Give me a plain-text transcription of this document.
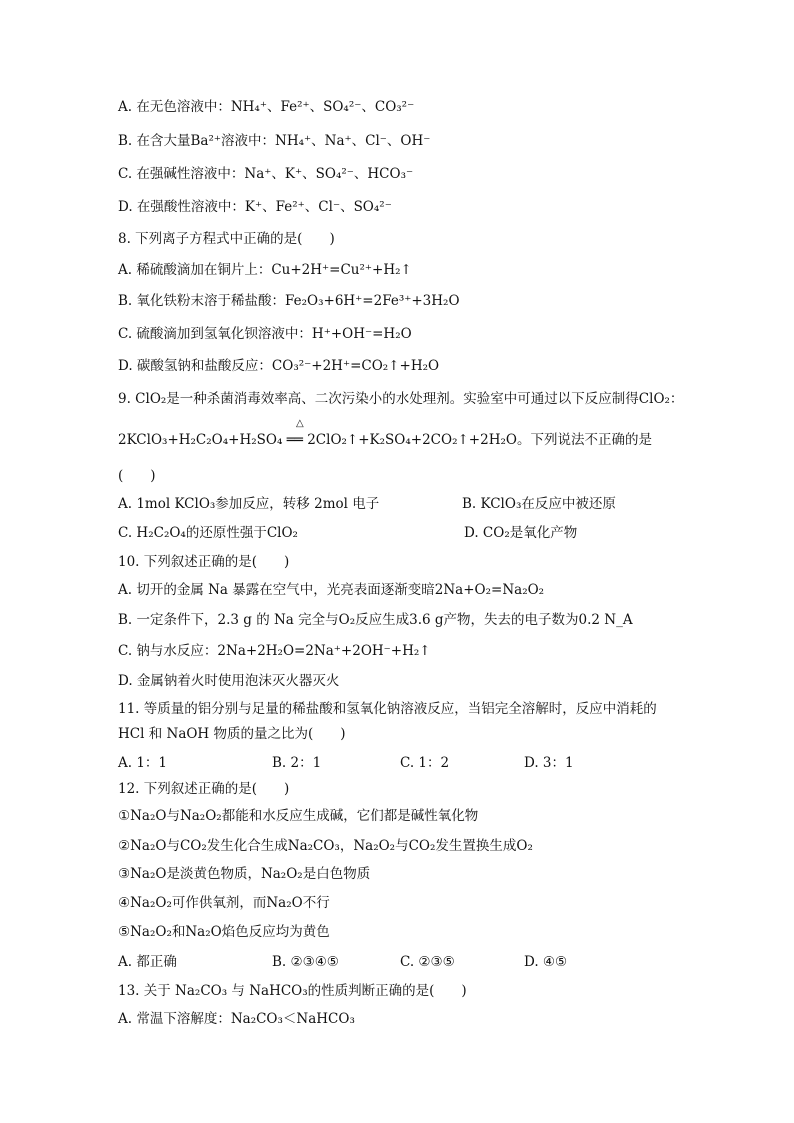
A. 在无色溶液中：NH₄⁺、Fe²⁺、SO₄²⁻、CO₃²⁻
B. 在含大量Ba²⁺溶液中：NH₄⁺、Na⁺、Cl⁻、OH⁻
C. 在强碱性溶液中：Na⁺、K⁺、SO₄²⁻、HCO₃⁻
D. 在强酸性溶液中：K⁺、Fe²⁺、Cl⁻、SO₄²⁻
8. 下列离子方程式中正确的是(　　)
A. 稀硫酸滴加在铜片上：Cu+2H⁺=Cu²⁺+H₂↑
B. 氧化铁粉末溶于稀盐酸：Fe₂O₃+6H⁺=2Fe³⁺+3H₂O
C. 硫酸滴加到氢氧化钡溶液中：H⁺+OH⁻=H₂O
D. 碳酸氢钠和盐酸反应：CO₃²⁻+2H⁺=CO₂↑+H₂O
9. ClO₂是一种杀菌消毒效率高、二次污染小的水处理剂。实验室中可通过以下反应制得ClO₂：
△
2KClO₃+H₂C₂O₄+H₂SO₄ ══ 2ClO₂↑+K₂SO₄+2CO₂↑+2H₂O。下列说法不正确的是
(　　)
A. 1mol KClO₃参加反应，转移 2mol 电子	B. KClO₃在反应中被还原
C. H₂C₂O₄的还原性强于ClO₂	D. CO₂是氧化产物
10. 下列叙述正确的是(　　)
A. 切开的金属 Na 暴露在空气中，光亮表面逐渐变暗2Na+O₂=Na₂O₂
B. 一定条件下，2.3 g 的 Na 完全与O₂反应生成3.6 g产物，失去的电子数为0.2 N_A
C. 钠与水反应：2Na+2H₂O=2Na⁺+2OH⁻+H₂↑
D. 金属钠着火时使用泡沫灭火器灭火
11. 等质量的铝分别与足量的稀盐酸和氢氧化钠溶液反应，当铝完全溶解时，反应中消耗的
HCl 和 NaOH 物质的量之比为(　　)
A. 1：1	B. 2：1	C. 1：2	D. 3：1
12. 下列叙述正确的是(　　)
①Na₂O与Na₂O₂都能和水反应生成碱，它们都是碱性氧化物
②Na₂O与CO₂发生化合生成Na₂CO₃，Na₂O₂与CO₂发生置换生成O₂
③Na₂O是淡黄色物质，Na₂O₂是白色物质
④Na₂O₂可作供氧剂，而Na₂O不行
⑤Na₂O₂和Na₂O焰色反应均为黄色
A. 都正确	B. ②③④⑤	C. ②③⑤	D. ④⑤
13. 关于 Na₂CO₃ 与 NaHCO₃的性质判断正确的是(　　)
A. 常温下溶解度：Na₂CO₃＜NaHCO₃
